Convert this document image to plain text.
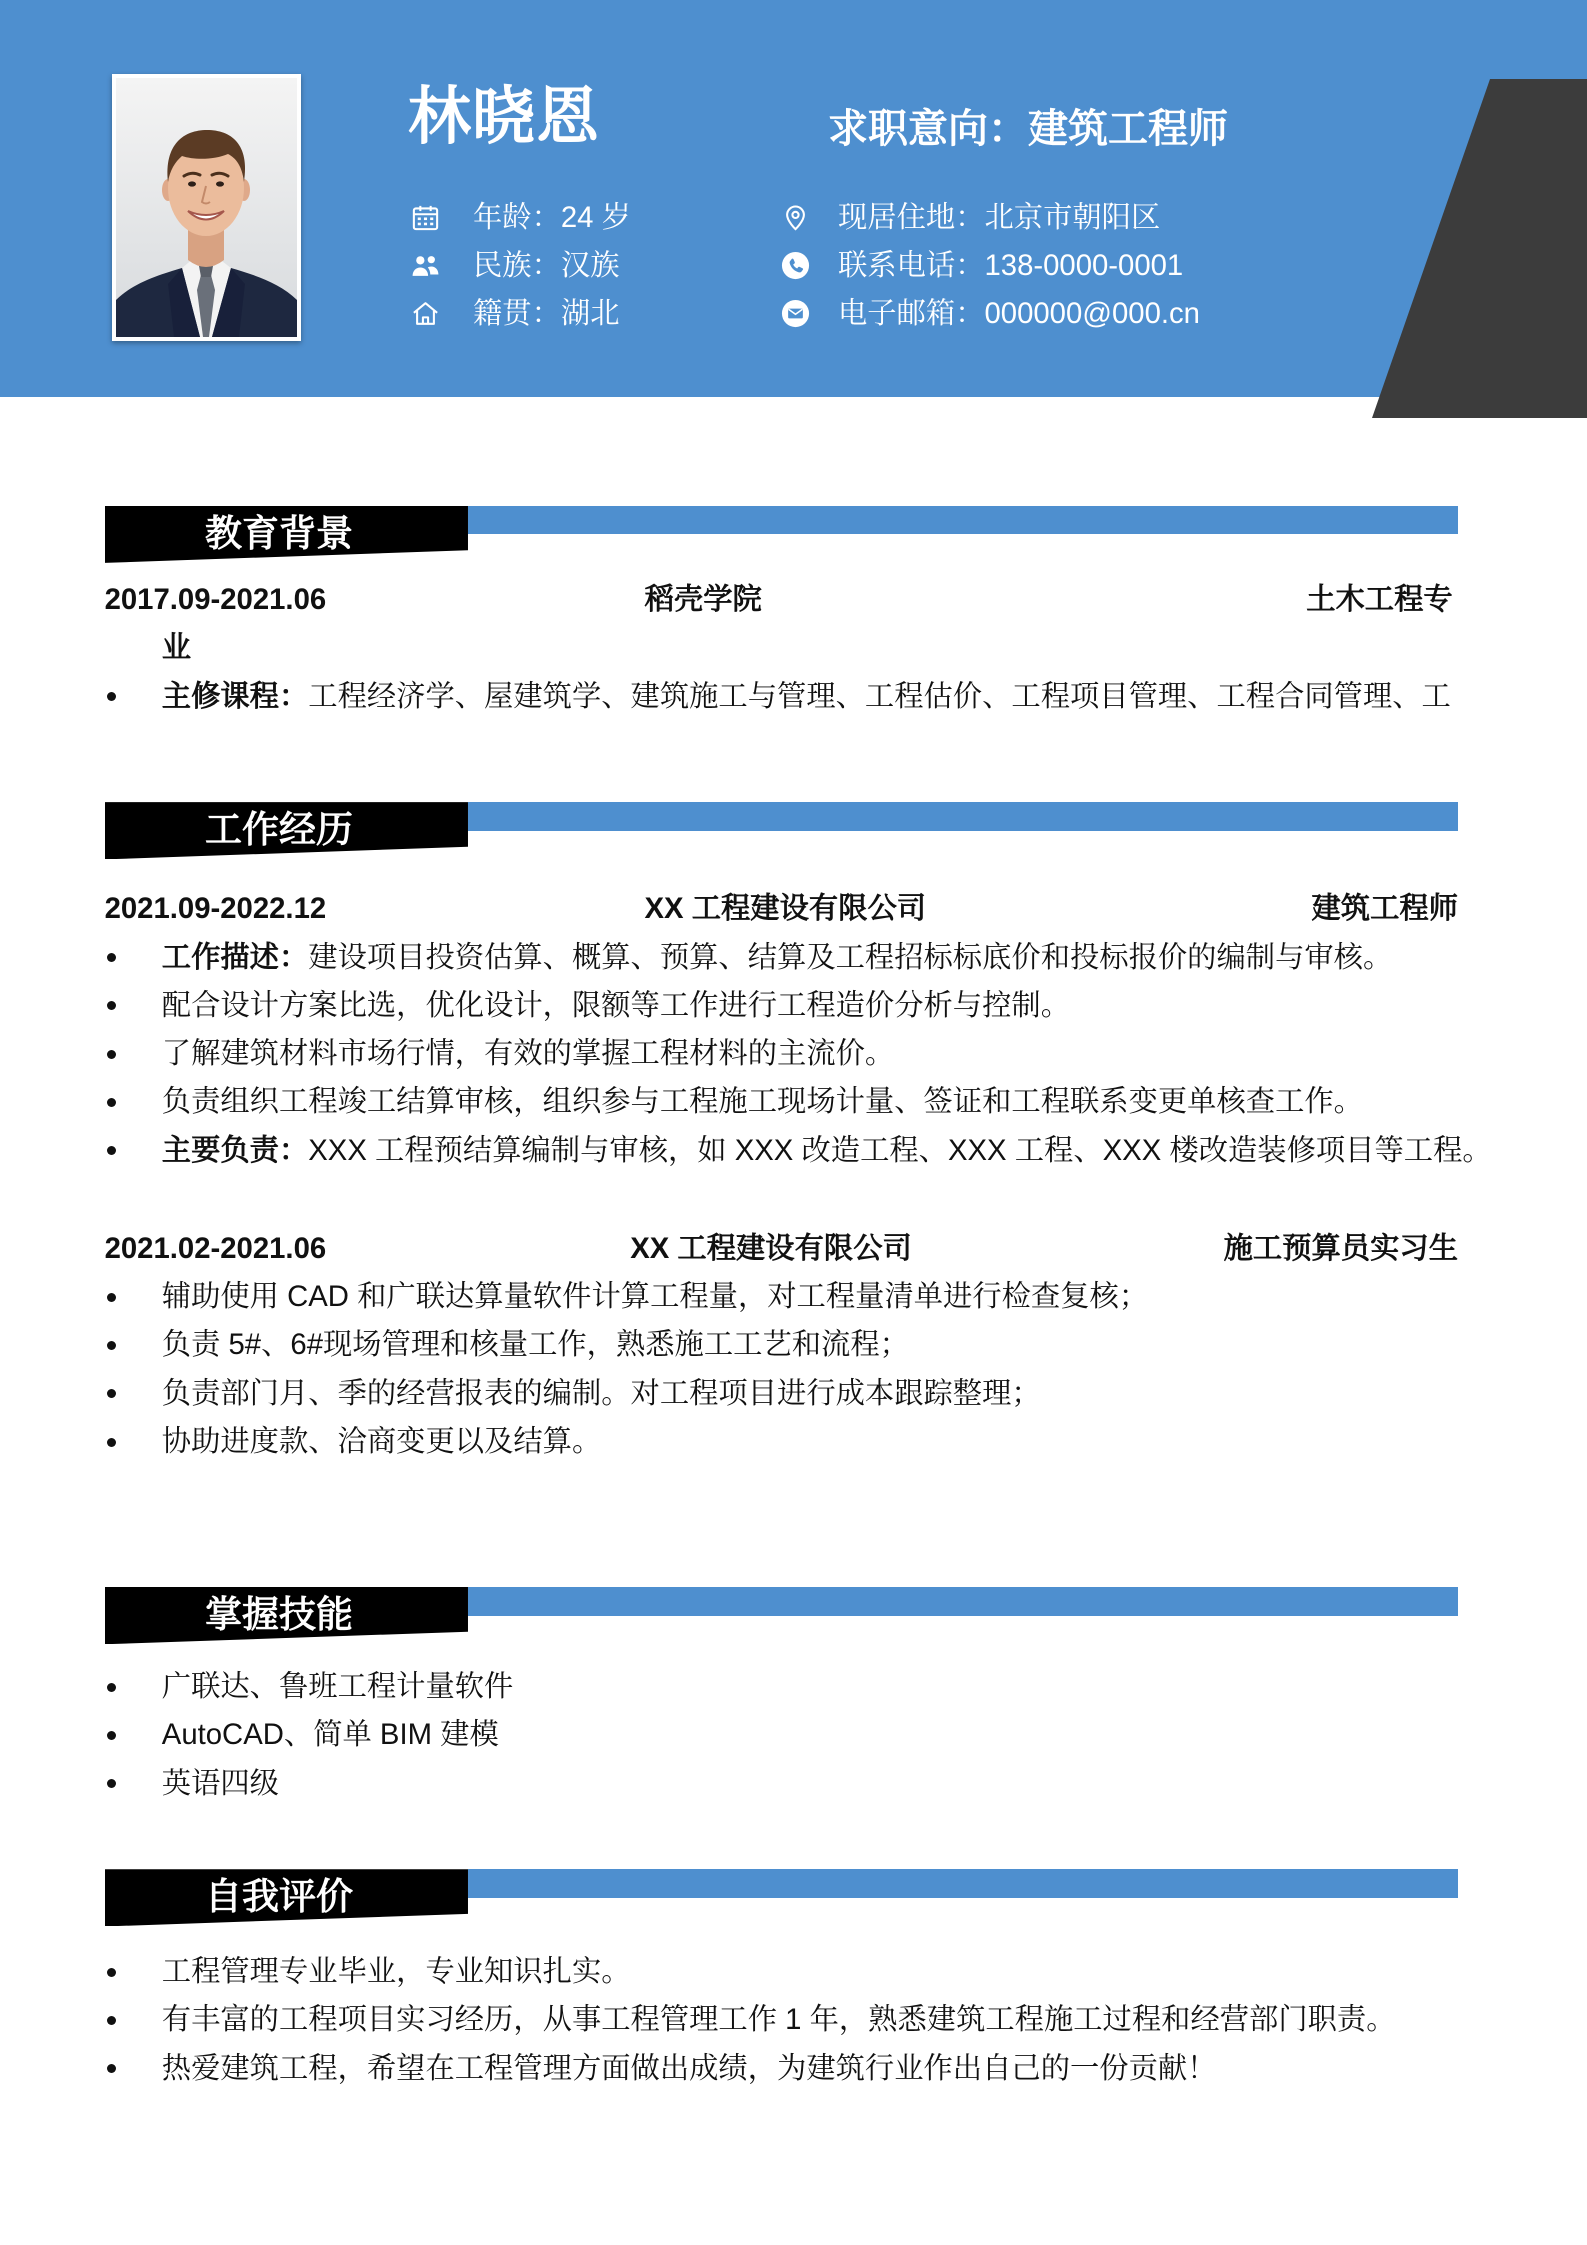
林晓恩	求职意向：建筑工程师
年龄：24 岁
民族：汉族
籍贯：湖北
现居住地：北京市朝阳区
联系电话：138-0000-0001
电子邮箱：000000@000.cn
教育背景

2017.09-2021.06	稻壳学院	土木工程专业

主修课程：工程经济学、屋建筑学、建筑施工与管理、工程估价、工程项目管理、工程合同管理、工
工作经历
2021.09-2022.12	XX 工程建设有限公司	建筑工程师
工作描述：建设项目投资估算、概算、预算、结算及工程招标标底价和投标报价的编制与审核。
配合设计方案比选，优化设计，限额等工作进行工程造价分析与控制。
了解建筑材料市场行情，有效的掌握工程材料的主流价。
负责组织工程竣工结算审核，组织参与工程施工现场计量、签证和工程联系变更单核查工作。
主要负责：XXX 工程预结算编制与审核，如 XXX 改造工程、XXX 工程、XXX 楼改造装修项目等工程。
2021.02-2021.06	XX 工程建设有限公司	施工预算员实习生
辅助使用 CAD 和广联达算量软件计算工程量，对工程量清单进行检查复核；
负责 5#、6#现场管理和核量工作，熟悉施工工艺和流程；
负责部门月、季的经营报表的编制。对工程项目进行成本跟踪整理；
协助进度款、洽商变更以及结算。
掌握技能
广联达、鲁班工程计量软件
AutoCAD、简单 BIM 建模
英语四级
自我评价
工程管理专业毕业，专业知识扎实。
有丰富的工程项目实习经历，从事工程管理工作 1 年，熟悉建筑工程施工过程和经营部门职责。
热爱建筑工程，希望在工程管理方面做出成绩，为建筑行业作出自己的一份贡献！
